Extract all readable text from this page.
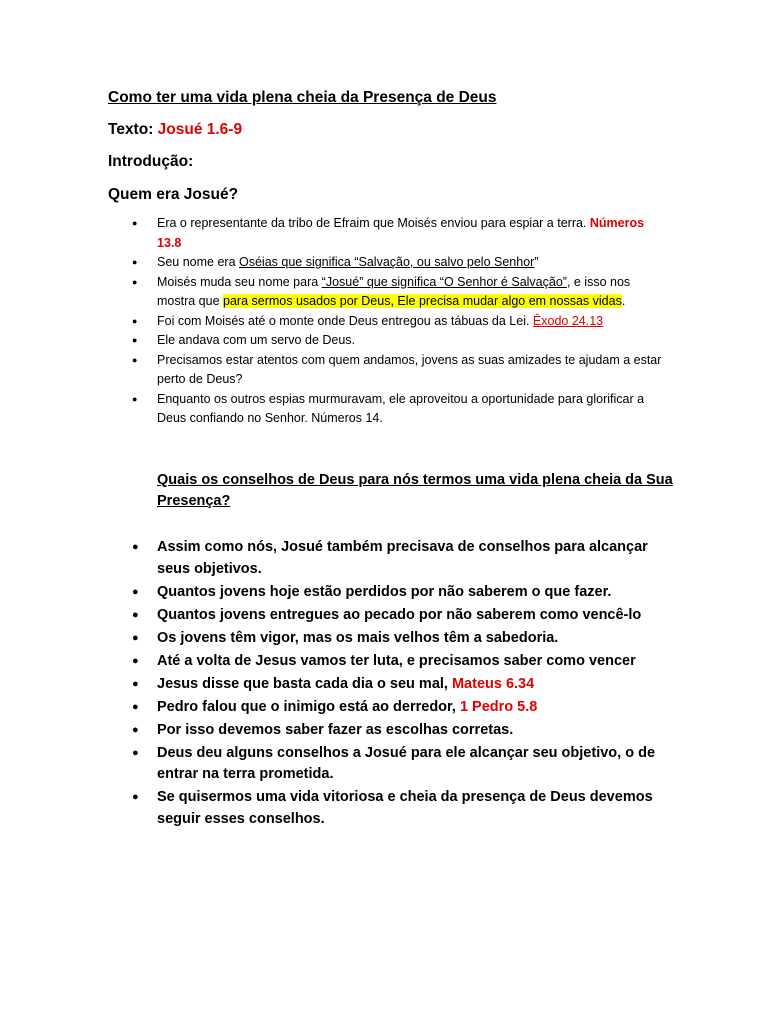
Como ter uma vida plena cheia da Presença de Deus
Texto: Josué 1.6-9
Introdução:
Quem era Josué?
● Era o representante da tribo de Efraim que Moisés enviou para espiar a terra. Números 13.8
● Seu nome era Oséias que significa “Salvação, ou salvo pelo Senhor”
● Moisés muda seu nome para “Josué” que significa “O Senhor é Salvação”, e isso nos mostra que para sermos usados por Deus, Ele precisa mudar algo em nossas vidas.
● Foi com Moisés até o monte onde Deus entregou as tábuas da Lei. Êxodo 24.13
● Ele andava com um servo de Deus.
● Precisamos estar atentos com quem andamos, jovens as suas amizades te ajudam a estar perto de Deus?
● Enquanto os outros espias murmuravam, ele aproveitou a oportunidade para glorificar a Deus confiando no Senhor. Números 14.
Quais os conselhos de Deus para nós termos uma vida plena cheia da Sua Presença?
● Assim como nós, Josué também precisava de conselhos para alcançar seus objetivos.
● Quantos jovens hoje estão perdidos por não saberem o que fazer.
● Quantos jovens entregues ao pecado por não saberem como vencê-lo
● Os jovens têm vigor, mas os mais velhos têm a sabedoria.
● Até a volta de Jesus vamos ter luta, e precisamos saber como vencer
● Jesus disse que basta cada dia o seu mal, Mateus 6.34
● Pedro falou que o inimigo está ao derredor, 1 Pedro 5.8
● Por isso devemos saber fazer as escolhas corretas.
● Deus deu alguns conselhos a Josué para ele alcançar seu objetivo, o de entrar na terra prometida.
● Se quisermos uma vida vitoriosa e cheia da presença de Deus devemos seguir esses conselhos.
